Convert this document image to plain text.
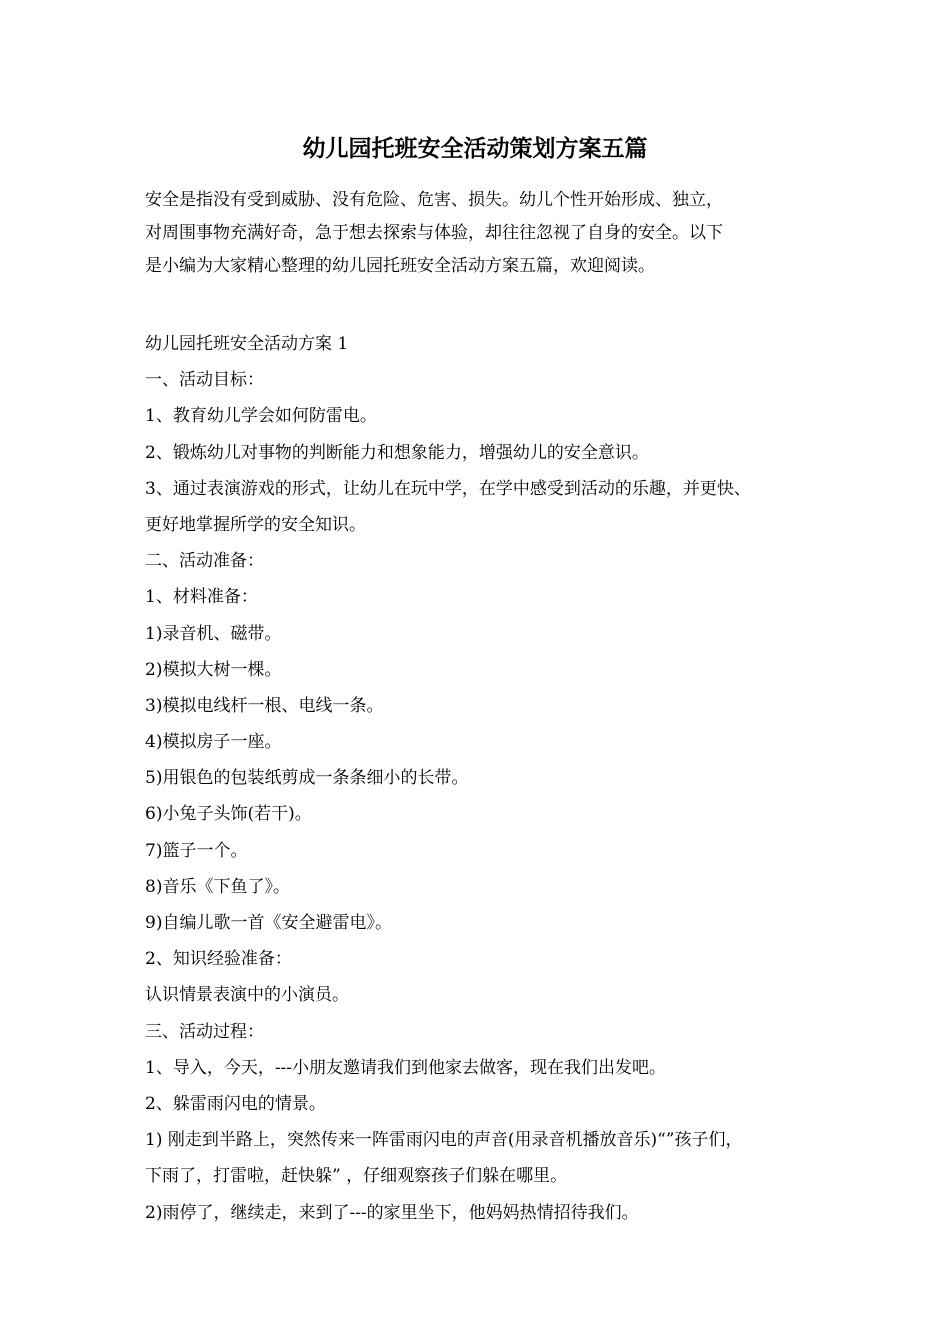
幼儿园托班安全活动策划方案五篇

安全是指没有受到威胁、没有危险、危害、损失。幼儿个性开始形成、独立，
对周围事物充满好奇，急于想去探索与体验，却往往忽视了自身的安全。以下
是小编为大家精心整理的幼儿园托班安全活动方案五篇，欢迎阅读。

幼儿园托班安全活动方案 1
一、活动目标：
1、教育幼儿学会如何防雷电。
2、锻炼幼儿对事物的判断能力和想象能力，增强幼儿的安全意识。
3、通过表演游戏的形式，让幼儿在玩中学，在学中感受到活动的乐趣，并更快、
更好地掌握所学的安全知识。
二、活动准备：
1、材料准备：
1)录音机、磁带。
2)模拟大树一棵。
3)模拟电线杆一根、电线一条。
4)模拟房子一座。
5)用银色的包装纸剪成一条条细小的长带。
6)小兔子头饰(若干)。
7)篮子一个。
8)音乐《下鱼了》。
9)自编儿歌一首《安全避雷电》。
2、知识经验准备：
认识情景表演中的小演员。
三、活动过程：
1、导入，今天，---小朋友邀请我们到他家去做客，现在我们出发吧。
2、躲雷雨闪电的情景。
1) 刚走到半路上，突然传来一阵雷雨闪电的声音(用录音机播放音乐)“”孩子们，
下雨了，打雷啦，赶快躲” ，仔细观察孩子们躲在哪里。
2)雨停了，继续走，来到了---的家里坐下，他妈妈热情招待我们。
